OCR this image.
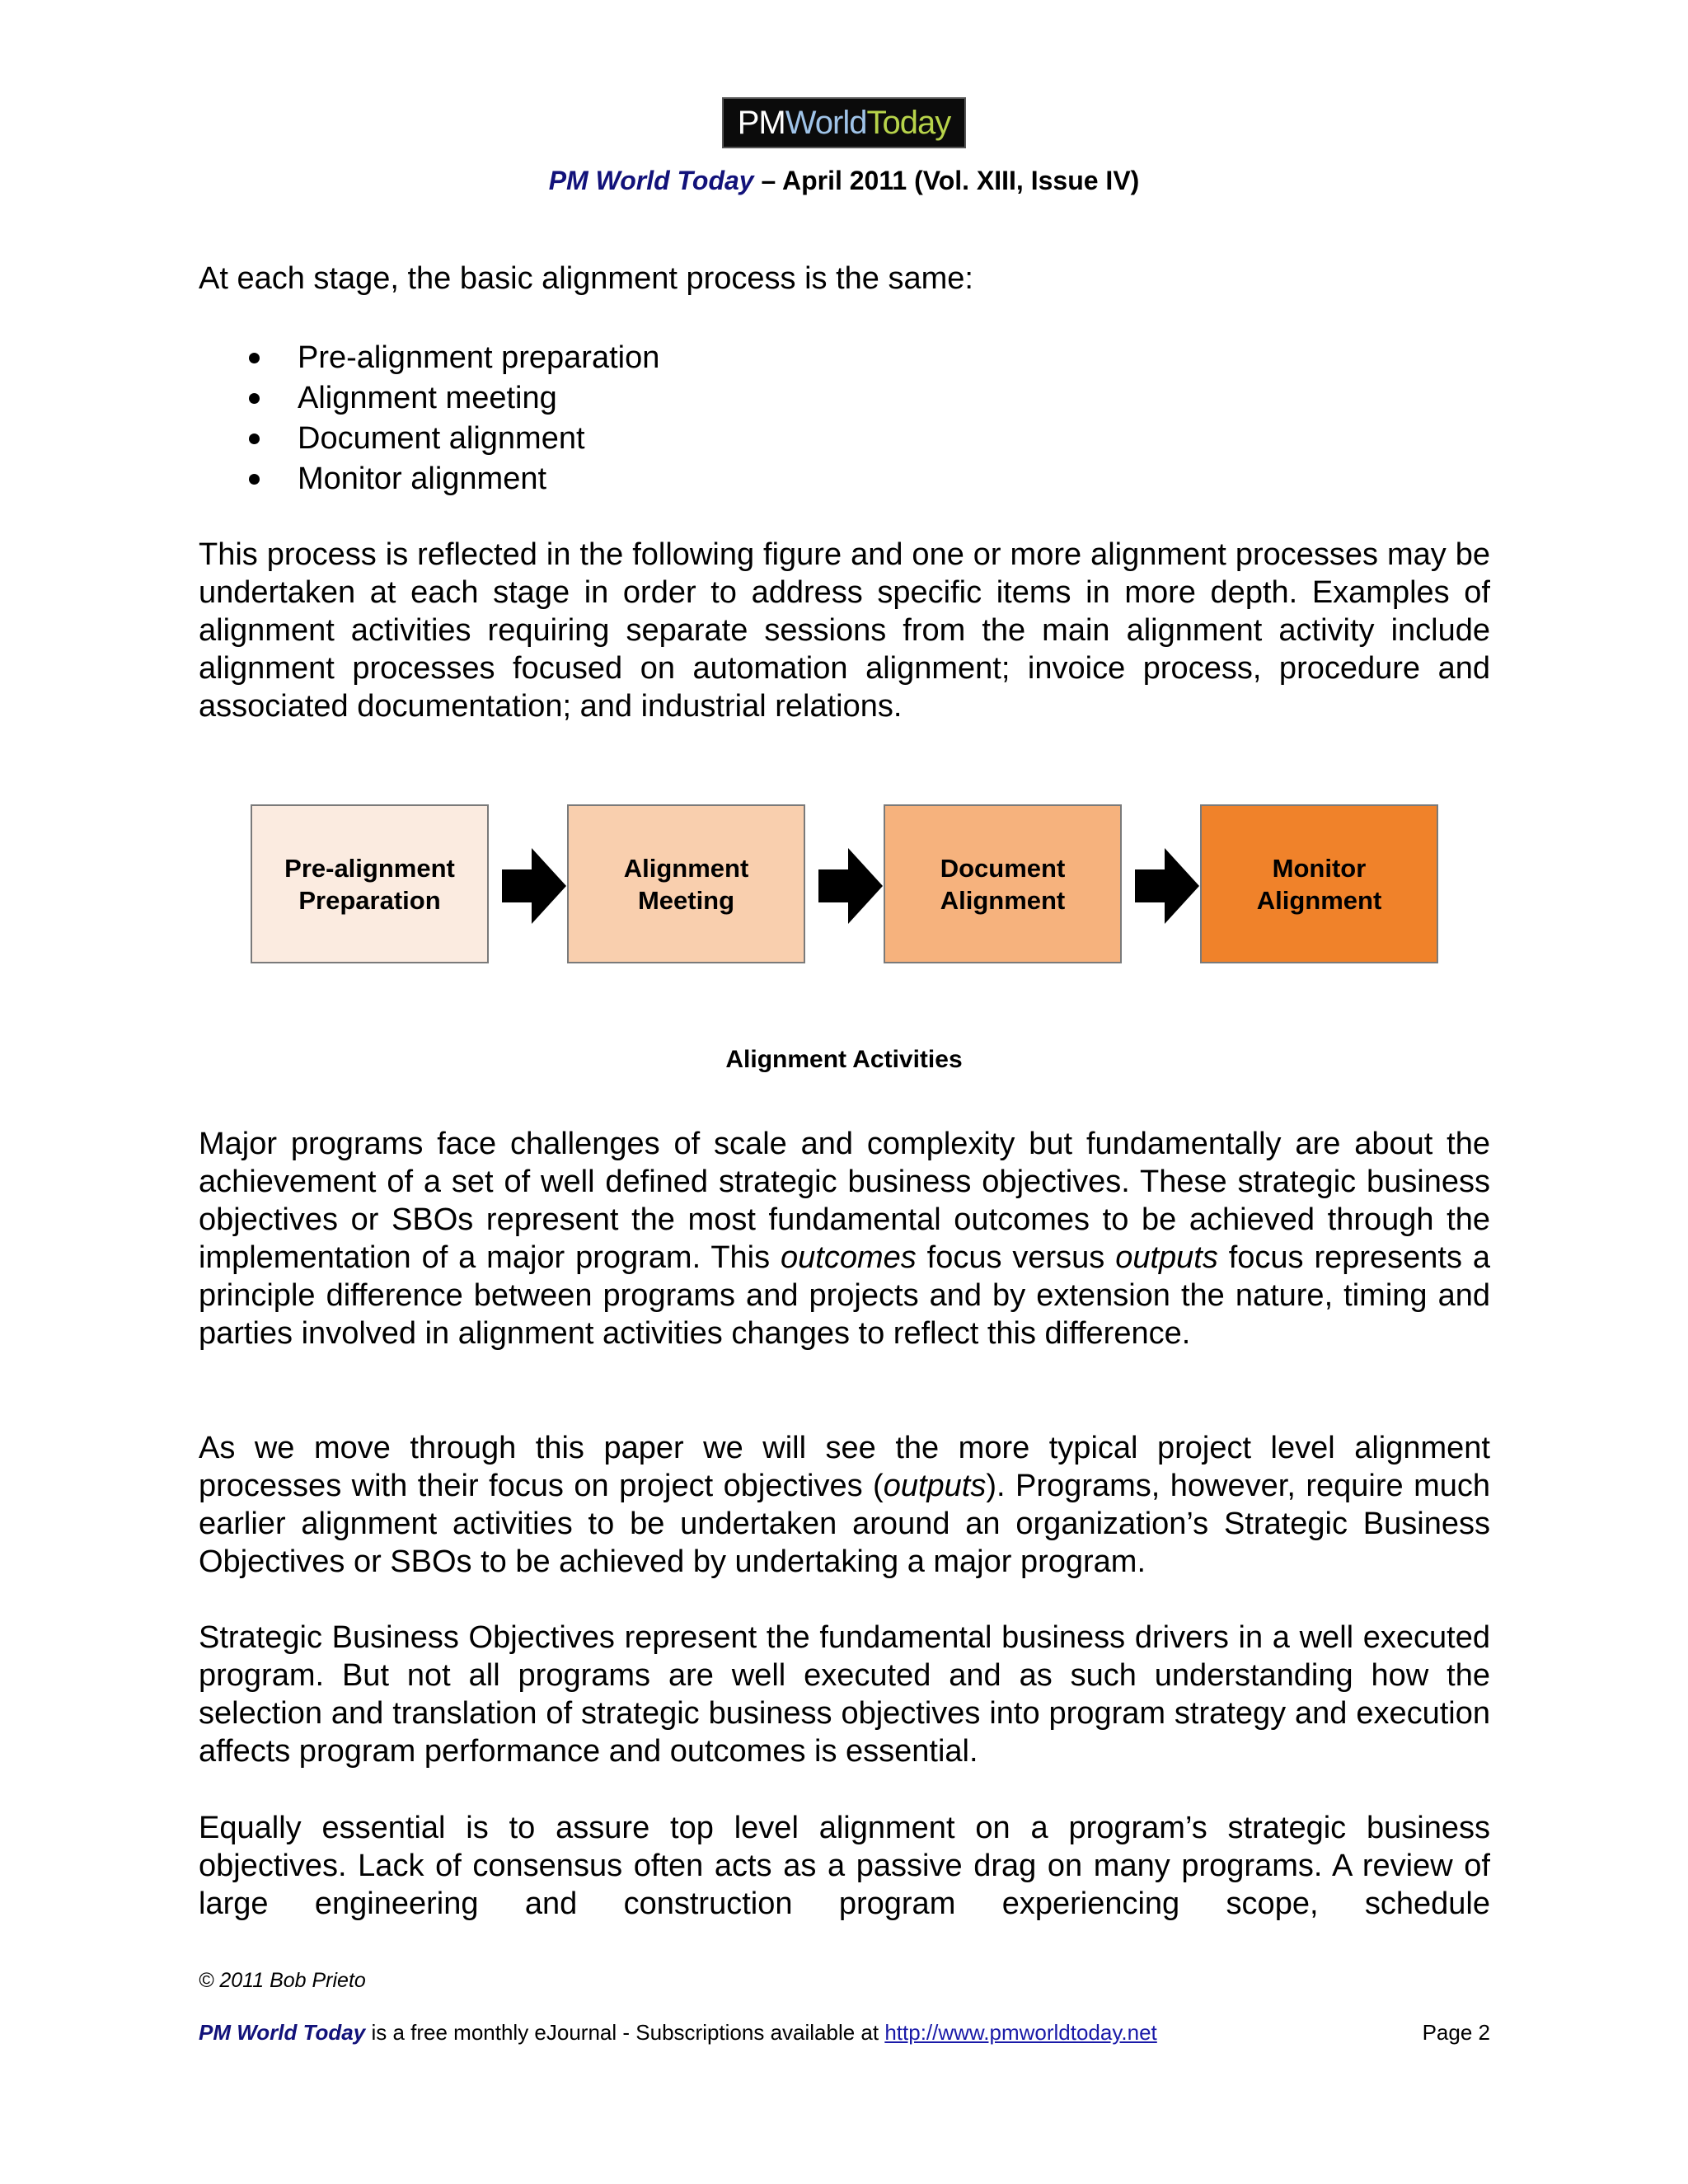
PM World Today
PM World Today – April 2011 (Vol. XIII, Issue IV)
At each stage, the basic alignment process is the same:
Pre-alignment preparation
Alignment meeting
Document alignment
Monitor alignment
This process is reflected in the following figure and one or more alignment processes may be undertaken at each stage in order to address specific items in more depth. Examples of alignment activities requiring separate sessions from the main alignment activity include alignment processes focused on automation alignment; invoice process, procedure and associated documentation; and industrial relations.
Pre-alignment
Preparation
Alignment
Meeting
Document
Alignment
Monitor
Alignment
Alignment Activities
Major programs face challenges of scale and complexity but fundamentally are about the achievement of a set of well defined strategic business objectives. These strategic business objectives or SBOs represent the most fundamental outcomes to be achieved through the implementation of a major program. This outcomes focus versus outputs focus represents a principle difference between programs and projects and by extension the nature, timing and parties involved in alignment activities changes to reflect this difference.
As we move through this paper we will see the more typical project level alignment processes with their focus on project objectives (outputs). Programs, however, require much earlier alignment activities to be undertaken around an organization’s Strategic Business Objectives or SBOs to be achieved by undertaking a major program.
Strategic Business Objectives represent the fundamental business drivers in a well executed program. But not all programs are well executed and as such understanding how the selection and translation of strategic business objectives into program strategy and execution affects program performance and outcomes is essential.
Equally essential is to assure top level alignment on a program’s strategic business objectives. Lack of consensus often acts as a passive drag on many programs. A review of large engineering and construction program experiencing scope, schedule
© 2011 Bob Prieto
PM World Today is a free monthly eJournal - Subscriptions available at http://www.pmworldtoday.net	Page 2
